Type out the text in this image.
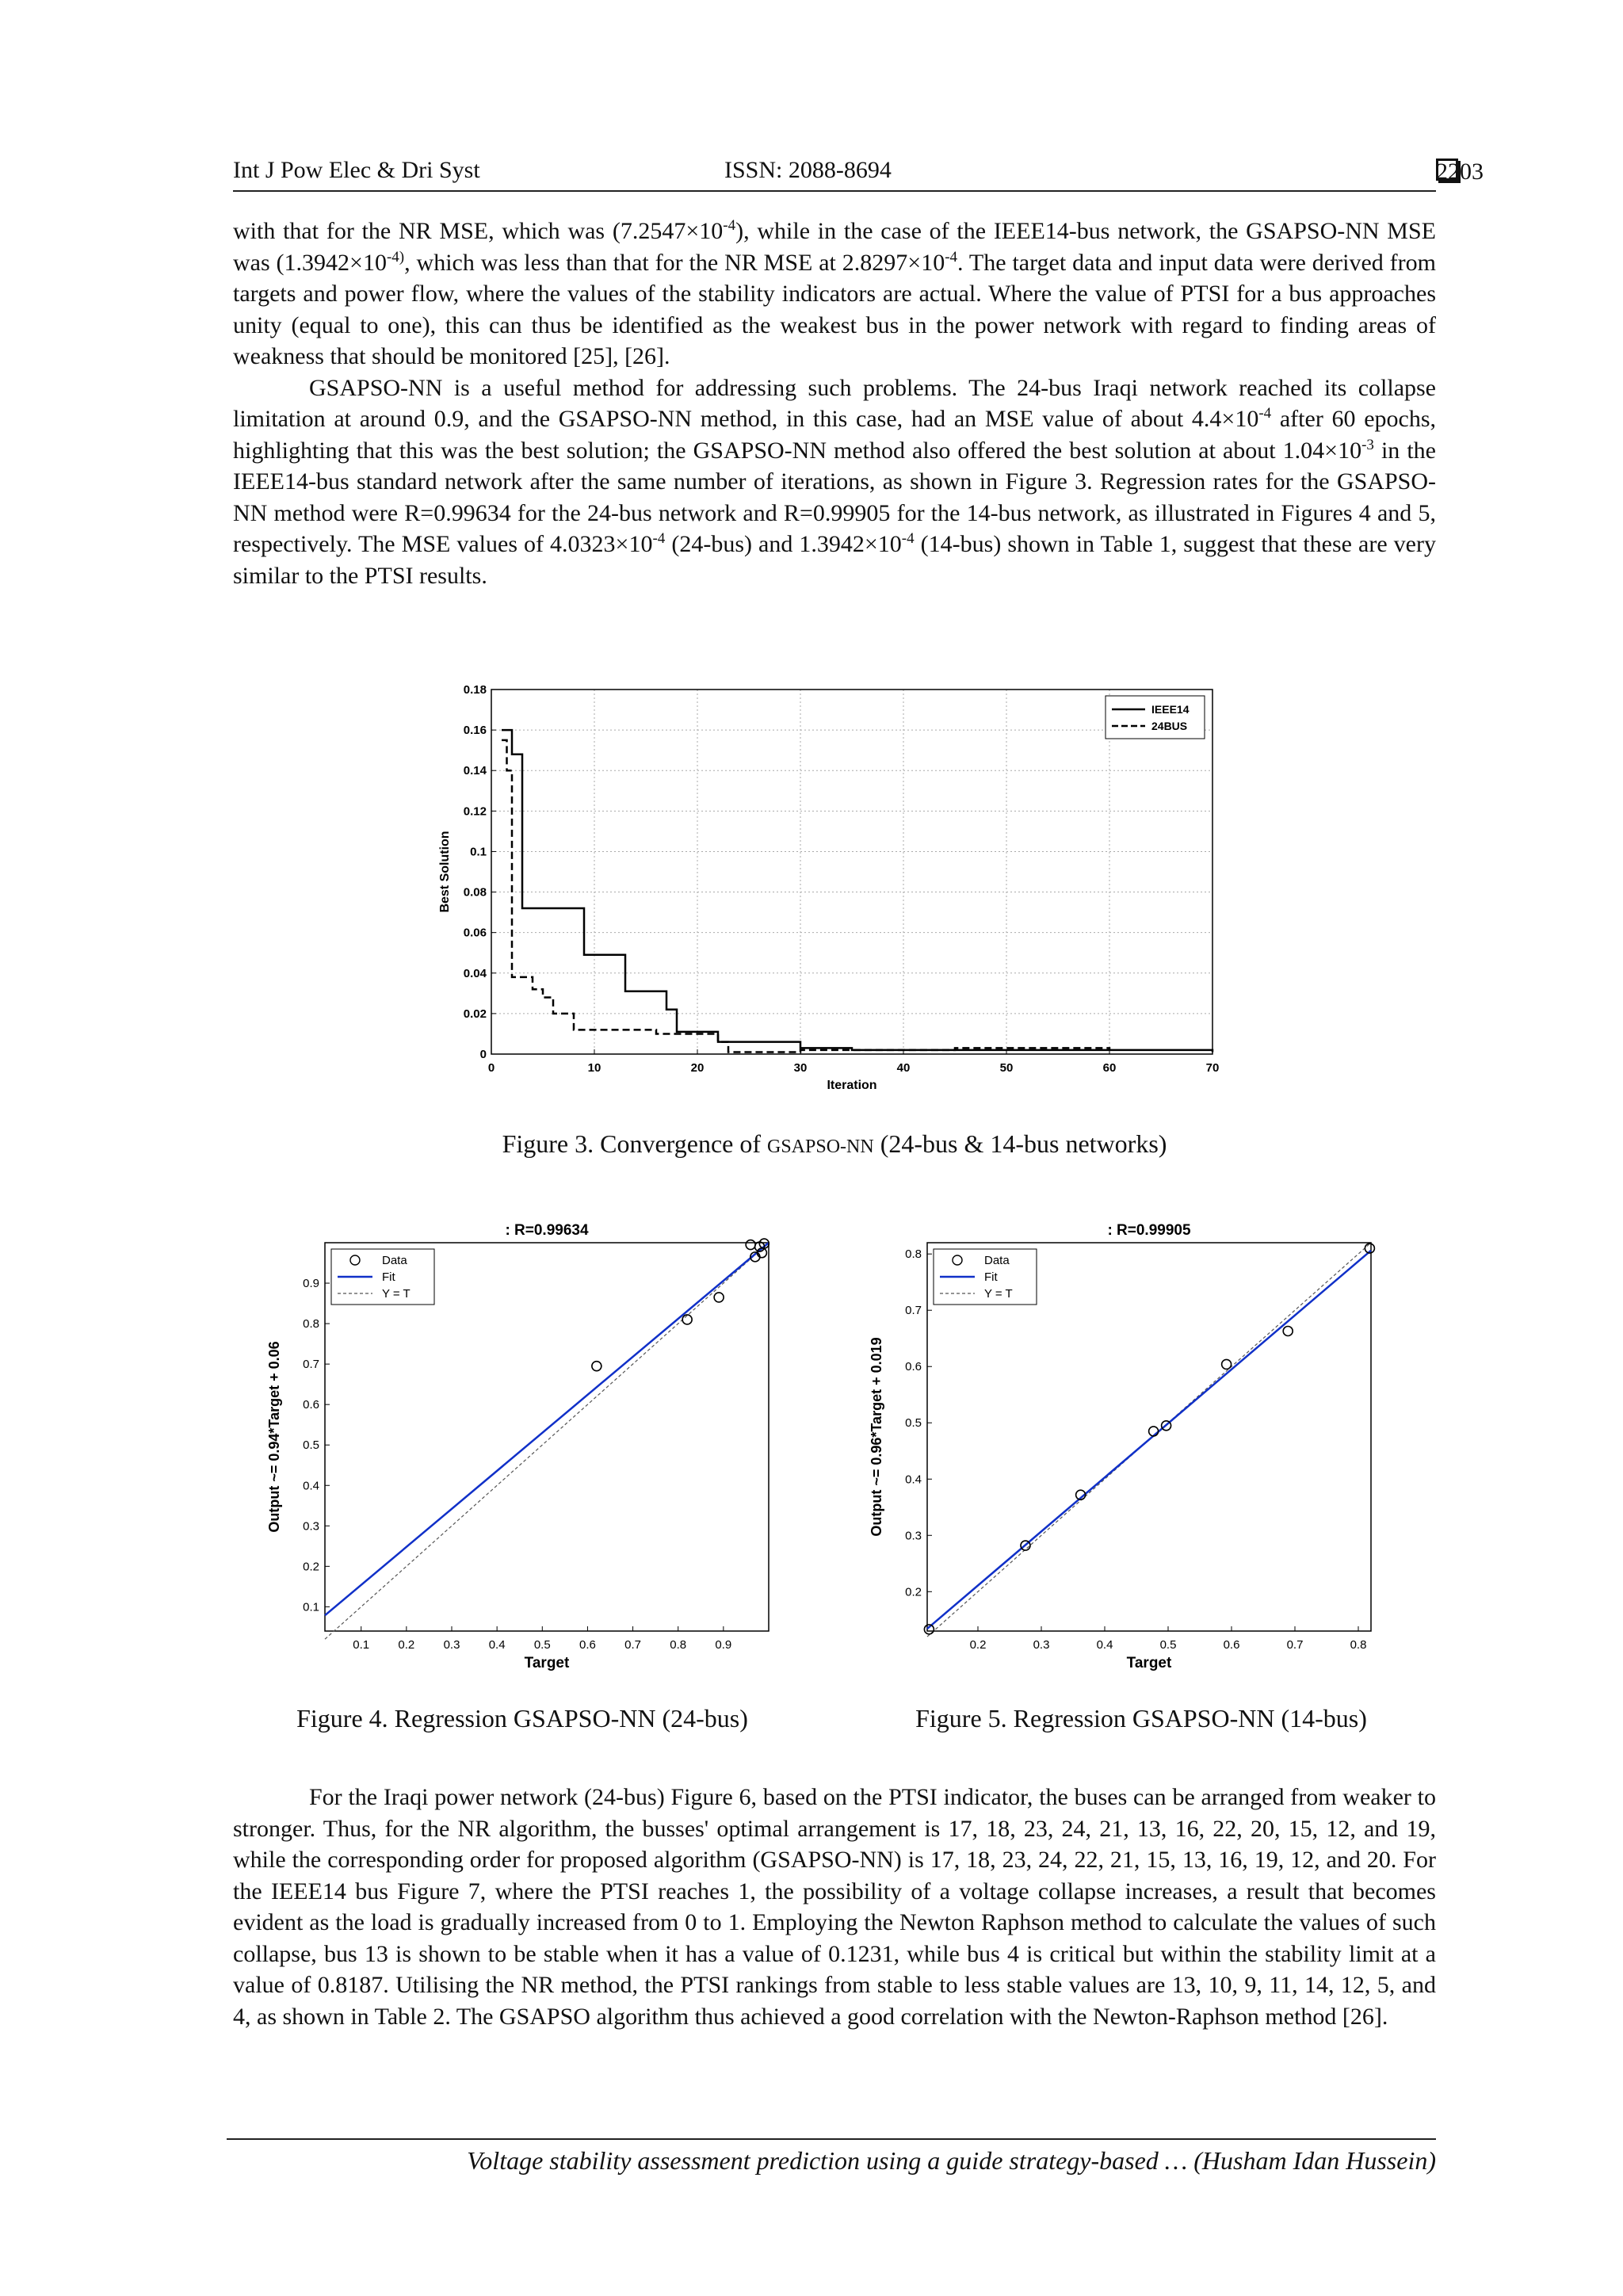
Int J Pow Elec & Dri Syst	ISSN: 2088-8694	2203

with that for the NR MSE, which was $(7.2547\times 10^{-4})$, while in the case of the IEEE14-bus network, the GSAPSO-NN MSE was ($1.3942\times 10^{-4)}$, which was less than that for the NR MSE at $2.8297\times 10^{-4}$. The target data and input data were derived from targets and power flow, where the values of the stability indicators are actual. Where the value of PTSI for a bus approaches unity (equal to one), this can thus be identified as the weakest bus in the power network with regard to finding areas of weakness that should be monitored [25], [26].

GSAPSO-NN is a useful method for addressing such problems. The 24-bus Iraqi network reached its collapse limitation at around 0.9, and the GSAPSO-NN method, in this case, had an MSE value of about $4.4\times 10^{-4}$ after 60 epochs, highlighting that this was the best solution; the GSAPSO-NN method also offered the best solution at about $1.04\times 10^{-3}$ in the IEEE14-bus standard network after the same number of iterations, as shown in Figure 3. Regression rates for the GSAPSO-NN method were R=0.99634 for the 24-bus network and R=0.99905 for the 14-bus network, as illustrated in Figures 4 and 5, respectively. The MSE values of $4.0323\times 10^{-4}$ (24-bus) and $1.3942\times 10^{-4}$ (14-bus) shown in Table 1, suggest that these are very similar to the PTSI results.

0	10	20	30	40	50	60	70
0
0.02
0.04
0.06
0.08
0.1
0.12
0.14
0.16
0.18
Iteration
Best Solution
IEEE14
24BUS
Figure 3. Convergence of GSAPSO-NN (24-bus & 14-bus networks)
: R=0.99634
0.1 0.2 0.3 0.4 0.5 0.6 0.7 0.8 0.9
0.1
0.2
0.3
0.4
0.5
0.6
0.7
0.8
0.9
Target
Output ~= 0.94*Target + 0.06
Data
Fit
Y = T
: R=0.99905
0.2	0.3	0.4	0.5	0.6	0.7	0.8
0.2
0.3
0.4
0.5
0.6
0.7
0.8
Target
Output ~= 0.96*Target + 0.019
Data
Fit
Y = T
Figure 4. Regression GSAPSO-NN (24-bus)	Figure 5. Regression GSAPSO-NN (14-bus)

For the Iraqi power network (24-bus) Figure 6, based on the PTSI indicator, the buses can be arranged from weaker to stronger. Thus, for the NR algorithm, the busses' optimal arrangement is 17, 18, 23, 24, 21, 13, 16, 22, 20, 15, 12, and 19, while the corresponding order for proposed algorithm (GSAPSO-NN) is 17, 18, 23, 24, 22, 21, 15, 13, 16, 19, 12, and 20. For the IEEE14 bus Figure 7, where the PTSI reaches 1, the possibility of a voltage collapse increases, a result that becomes evident as the load is gradually increased from 0 to 1. Employing the Newton Raphson method to calculate the values of such collapse, bus 13 is shown to be stable when it has a value of 0.1231, while bus 4 is critical but within the stability limit at a value of 0.8187. Utilising the NR method, the PTSI rankings from stable to less stable values are 13, 10, 9, 11, 14, 12, 5, and 4, as shown in Table 2. The GSAPSO algorithm thus achieved a good correlation with the Newton-Raphson method [26].

Voltage stability assessment prediction using a guide strategy-based … (Husham Idan Hussein)
